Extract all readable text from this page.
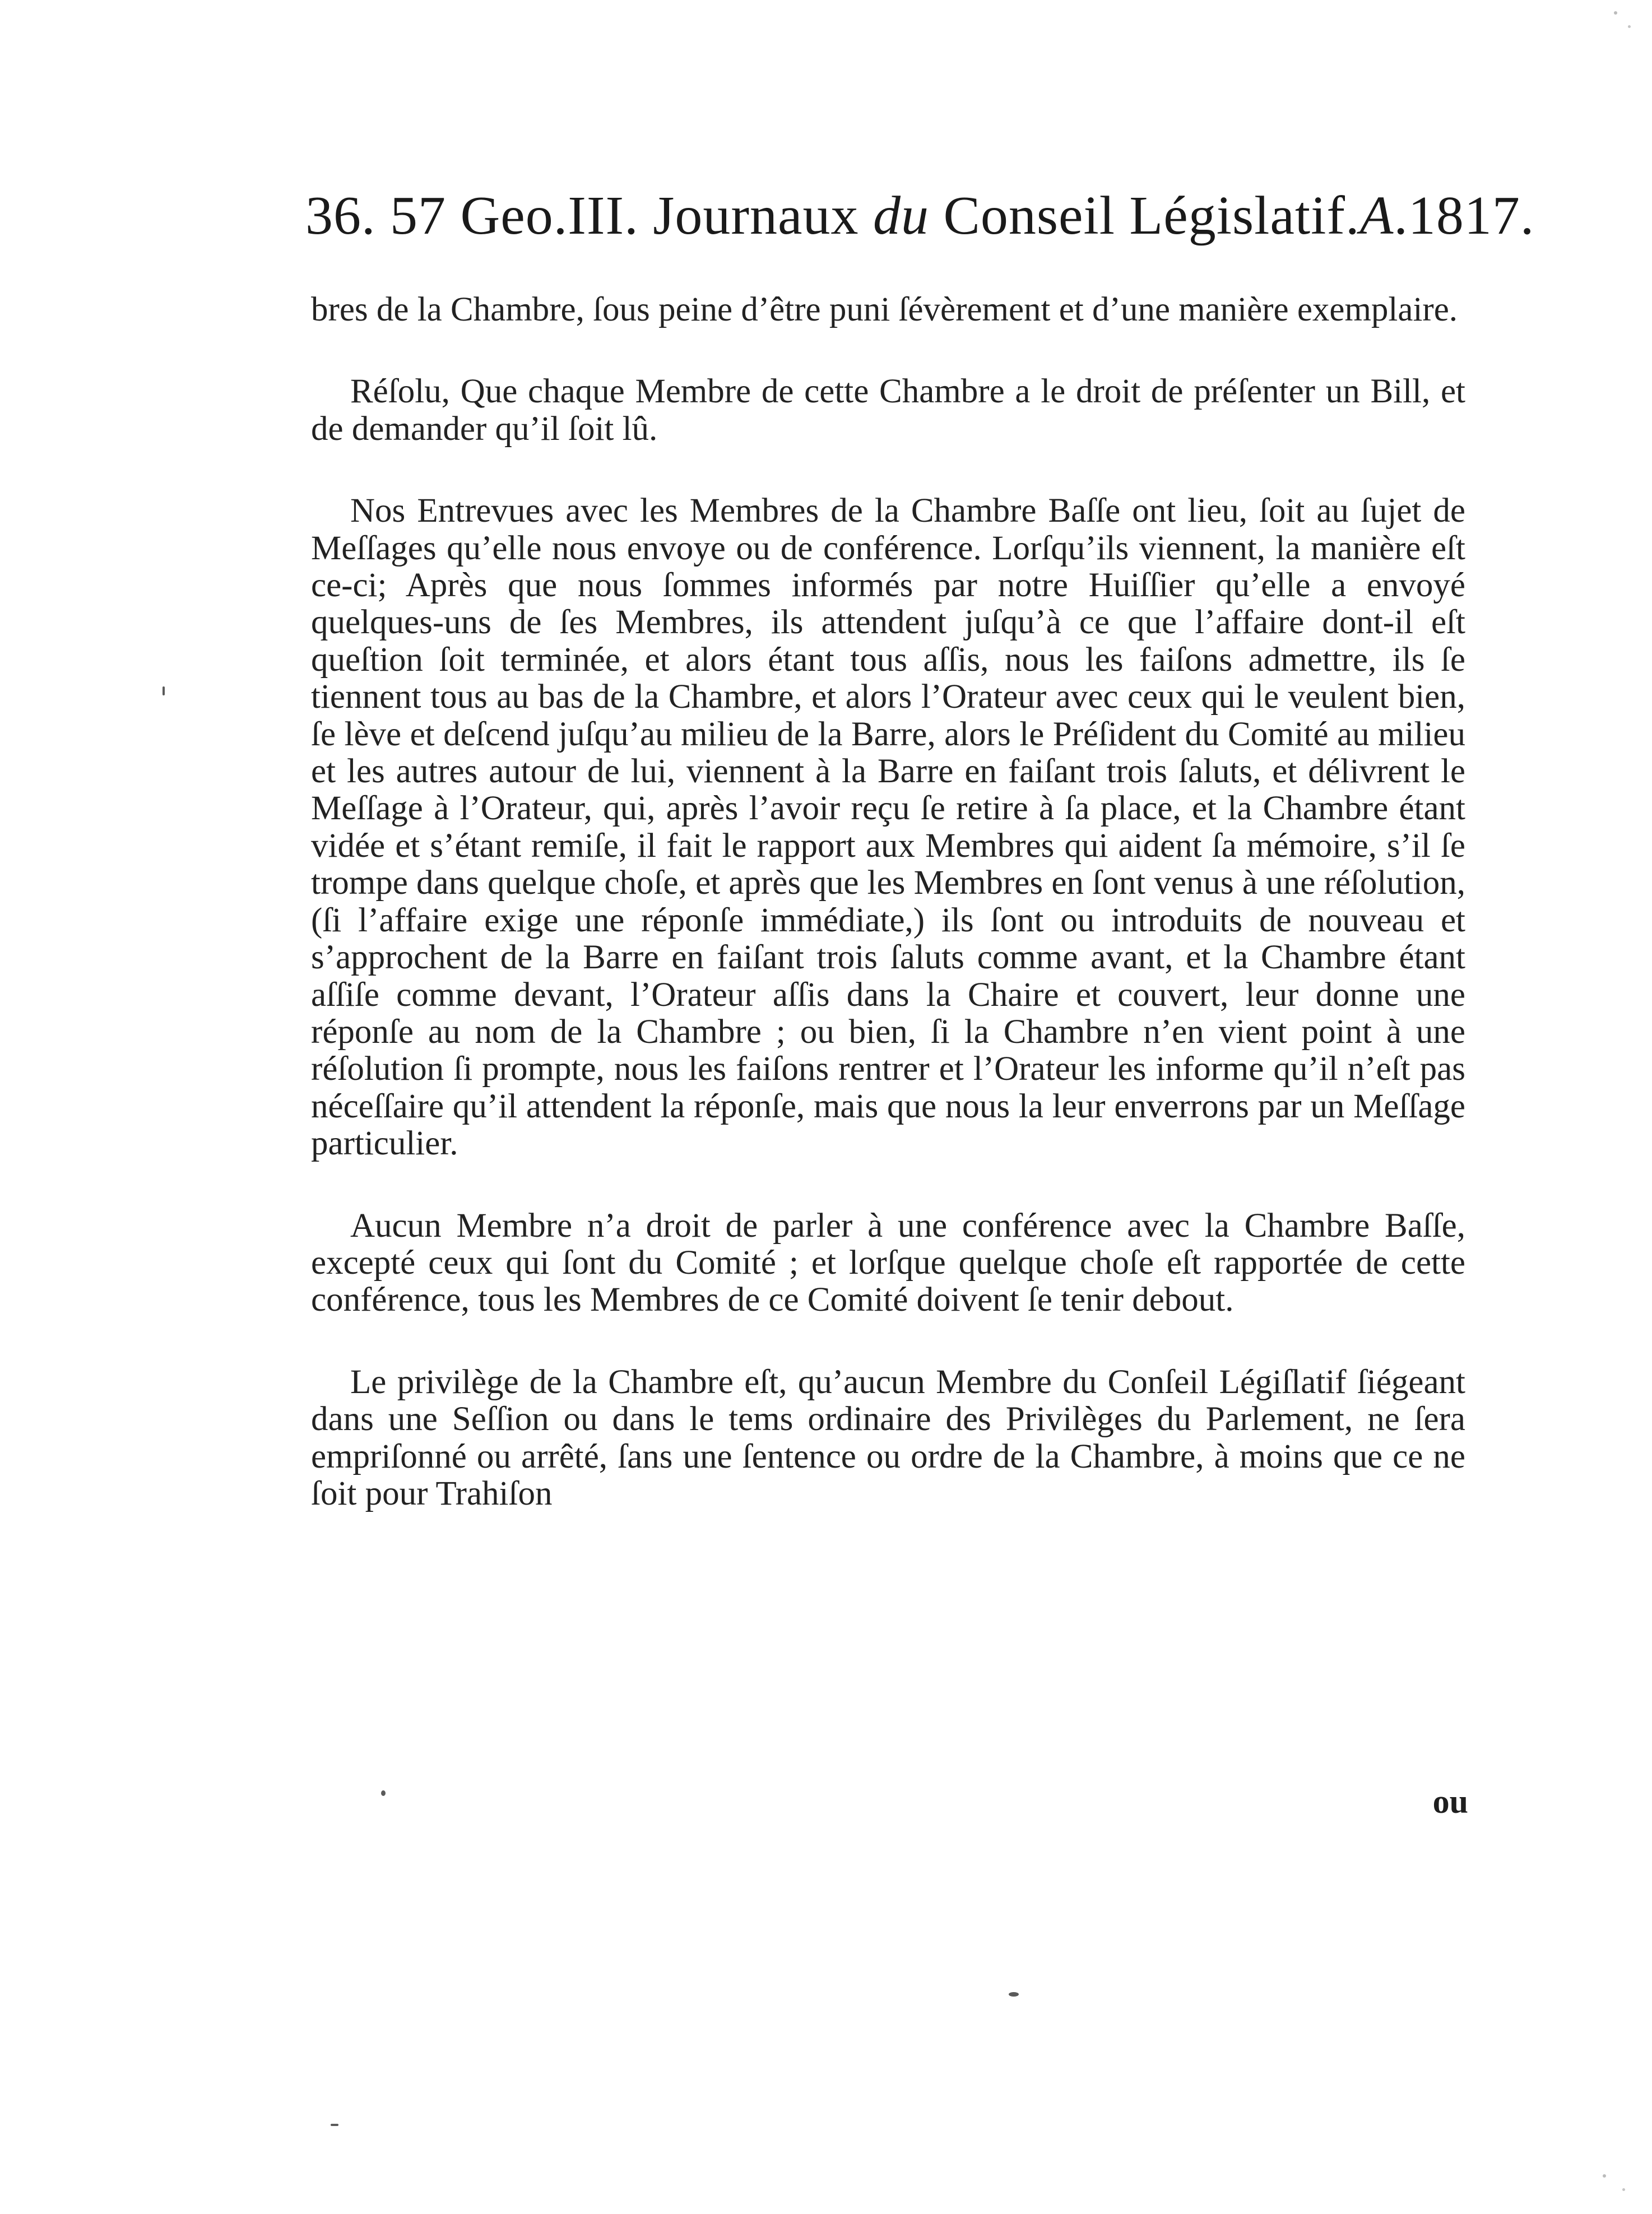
36. 57 Geo.III. Journaux du Conseil Législatif.A.1817.

bres de la Chambre, ſous peine d’être puni ſévèrement et d’une manière exemplaire.

Réſolu, Que chaque Membre de cette Chambre a le droit de préſenter un Bill, et de demander qu’il ſoit lû.

Nos Entrevues avec les Membres de la Chambre Baſſe ont lieu, ſoit au ſujet de Meſſages qu’elle nous envoye ou de conférence. Lorſqu’ils viennent, la manière eſt ce-ci; Après que nous ſommes informés par notre Huiſſier qu’elle a envoyé quelques-uns de ſes Membres, ils attendent juſqu’à ce que l’affaire dont-il eſt queſtion ſoit terminée, et alors étant tous aſſis, nous les faiſons admettre, ils ſe tiennent tous au bas de la Chambre, et alors l’Orateur avec ceux qui le veulent bien, ſe lève et deſcend juſqu’au milieu de la Barre, alors le Préſident du Comité au milieu et les autres autour de lui, viennent à la Barre en faiſant trois ſaluts, et délivrent le Meſſage à l’Orateur, qui, après l’avoir reçu ſe retire à ſa place, et la Chambre étant vidée et s’étant remiſe, il fait le rapport aux Membres qui aident ſa mémoire, s’il ſe trompe dans quelque choſe, et après que les Membres en ſont venus à une réſolution, (ſi l’affaire exige une réponſe immédiate,) ils ſont ou introduits de nouveau et s’approchent de la Barre en faiſant trois ſaluts comme avant, et la Chambre étant aſſiſe comme devant, l’Orateur aſſis dans la Chaire et couvert, leur donne une réponſe au nom de la Chambre ; ou bien, ſi la Chambre n’en vient point à une réſolution ſi prompte, nous les faiſons rentrer et l’Orateur les informe qu’il n’eſt pas néceſſaire qu’il attendent la réponſe, mais que nous la leur enverrons par un Meſſage particulier.

Aucun Membre n’a droit de parler à une conférence avec la Chambre Baſſe, excepté ceux qui ſont du Comité ; et lorſque quelque choſe eſt rapportée de cette conférence, tous les Membres de ce Comité doivent ſe tenir debout.

Le privilège de la Chambre eſt, qu’aucun Membre du Conſeil Légiſlatif ſiégeant dans une Seſſion ou dans le tems ordinaire des Privilèges du Parlement, ne ſera empriſonné ou arrêté, ſans une ſentence ou ordre de la Chambre, à moins que ce ne ſoit pour Trahiſon

ou
